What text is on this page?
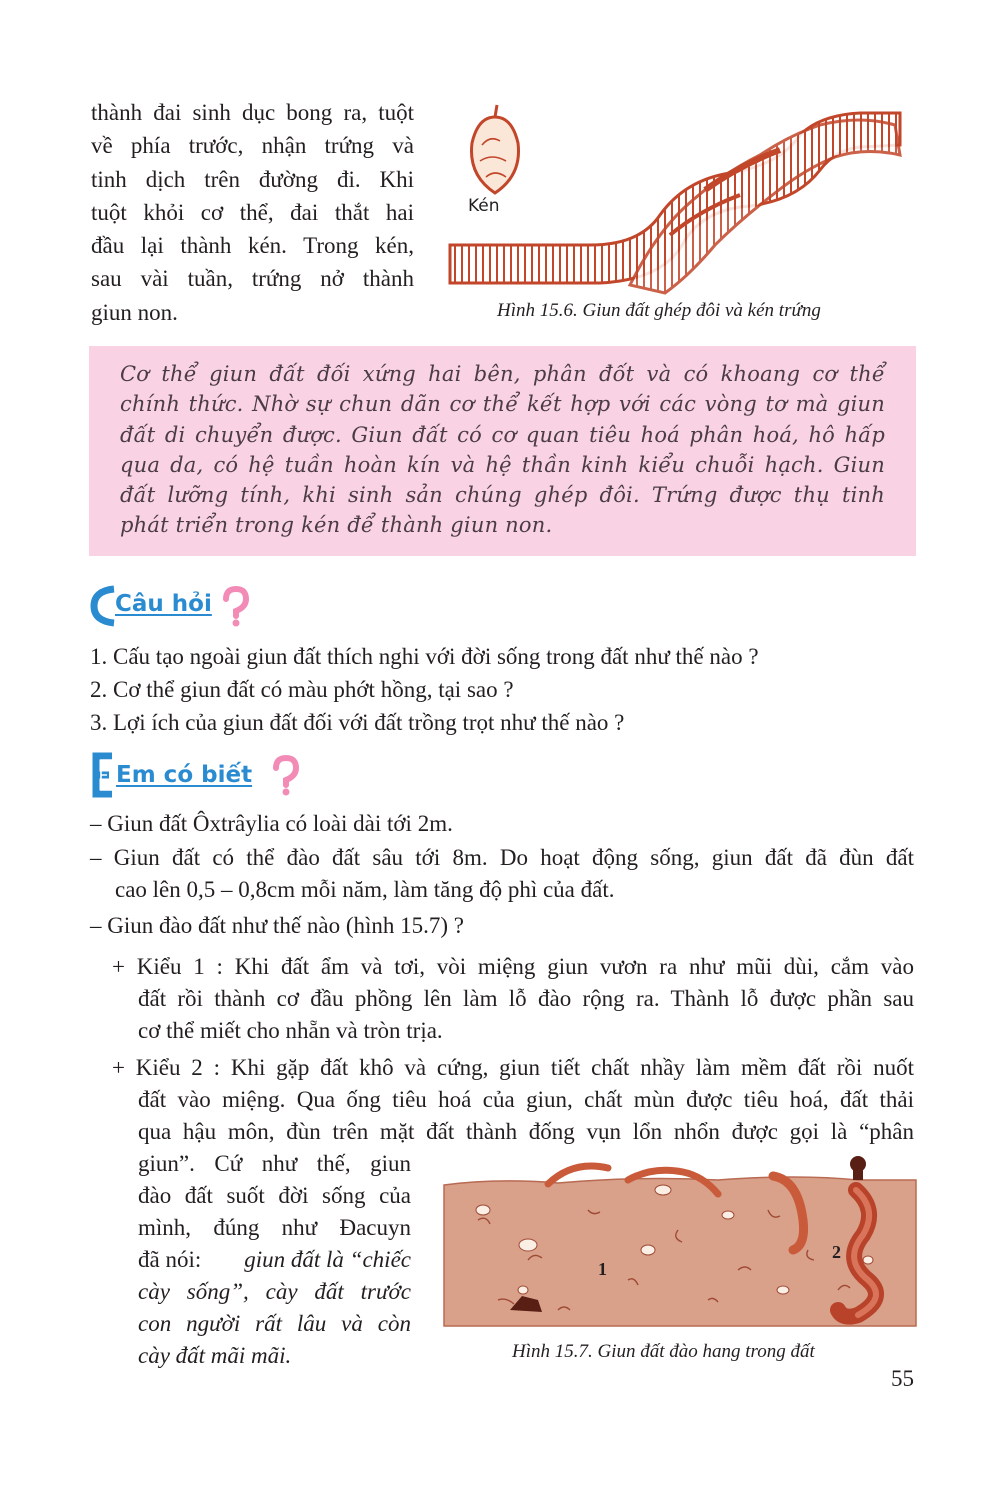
thành đai sinh dục bong ra, tuột
về phía trước, nhận trứng và
tinh dịch trên đường đi. Khi
tuột khỏi cơ thể, đai thắt hai
đầu lại thành kén. Trong kén,
sau vài tuần, trứng nở thành
giun non.
Kén
Hình 15.6. Giun đất ghép đôi và kén trứng
Cơ thể giun đất đối xứng hai bên, phân đốt và có khoang cơ thể
chính thức. Nhờ sự chun dãn cơ thể kết hợp với các vòng tơ mà giun
đất di chuyển được. Giun đất có cơ quan tiêu hoá phân hoá, hô hấp
qua da, có hệ tuần hoàn kín và hệ thần kinh kiểu chuỗi hạch. Giun
đất lưỡng tính, khi sinh sản chúng ghép đôi. Trứng được thụ tinh
phát triển trong kén để thành giun non.
Câu hỏi
1. Cấu tạo ngoài giun đất thích nghi với đời sống trong đất như thế nào ?
2. Cơ thể giun đất có màu phớt hồng, tại sao ?
3. Lợi ích của giun đất đối với đất trồng trọt như thế nào ?
Em có biết
– Giun đất Ôxtrâylia có loài dài tới 2m.
– Giun đất có thể đào đất sâu tới 8m. Do hoạt động sống, giun đất đã đùn đất
cao lên 0,5 – 0,8cm mỗi năm, làm tăng độ phì của đất.
– Giun đào đất như thế nào (hình 15.7) ?
+ Kiểu 1 : Khi đất ẩm và tơi, vòi miệng giun vươn ra như mũi dùi, cắm vào
đất rồi thành cơ đầu phồng lên làm lỗ đào rộng ra. Thành lỗ được phần sau
cơ thể miết cho nhẵn và tròn trịa.
+ Kiểu 2 : Khi gặp đất khô và cứng, giun tiết chất nhầy làm mềm đất rồi nuốt
đất vào miệng. Qua ống tiêu hoá của giun, chất mùn được tiêu hoá, đất thải
qua hậu môn, đùn trên mặt đất thành đống vụn lổn nhổn được gọi là “phân
giun”. Cứ như thế, giun
đào đất suốt đời sống của
mình, đúng như Đacuyn
đã nói: giun đất là “chiếc
cày sống”, cày đất trước
con người rất lâu và còn
cày đất mãi mãi.
1
2
Hình 15.7. Giun đất đào hang trong đất
55
